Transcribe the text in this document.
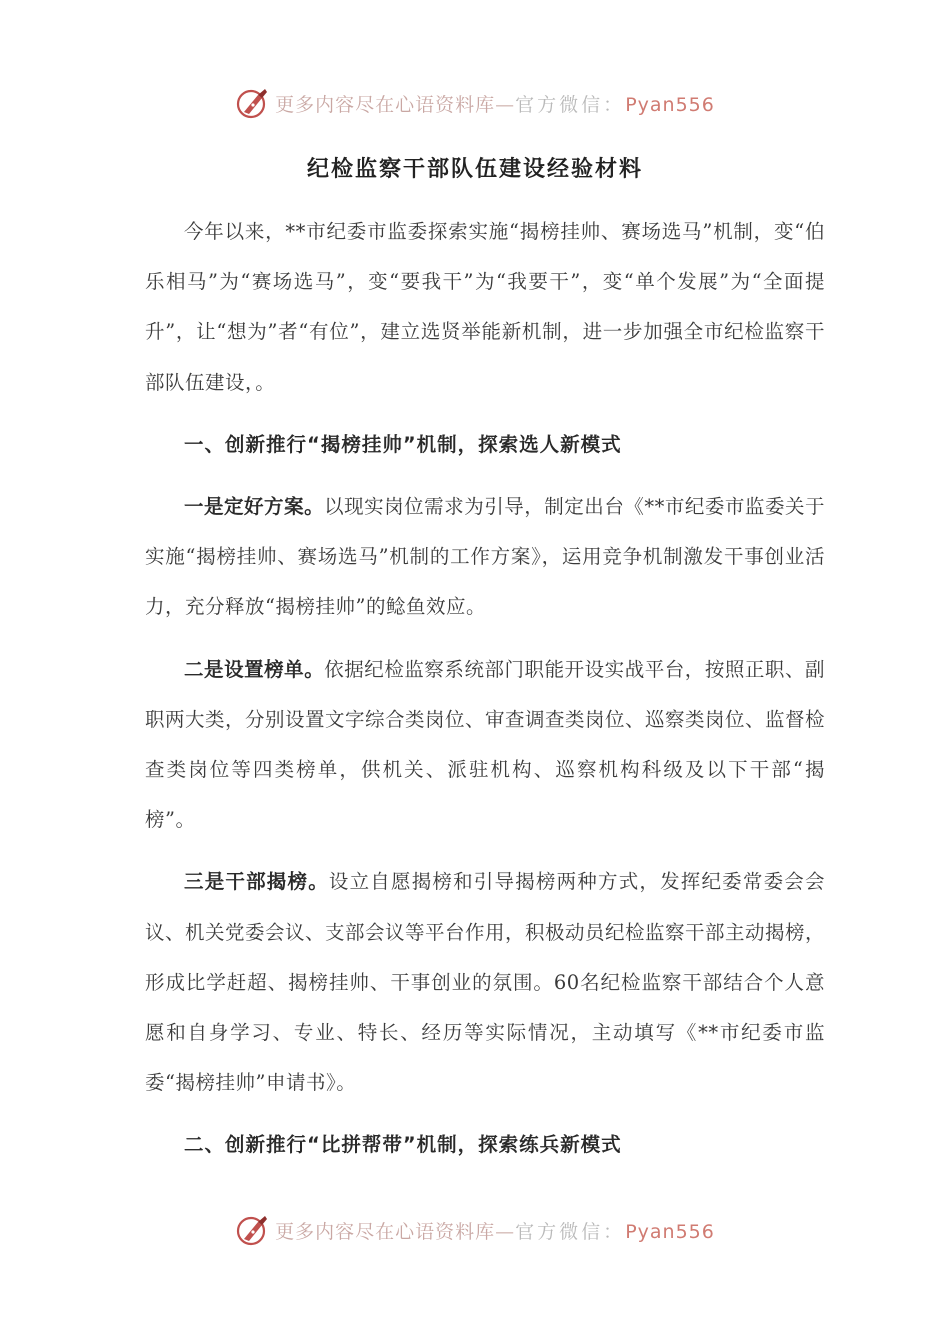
更多内容尽在心语资料库—官方微信：Pyan556
纪检监察干部队伍建设经验材料

今年以来，**市纪委市监委探索实施“揭榜挂帅、赛场选马”机制，变“伯乐相马”为“赛场选马”，变“要我干”为“我要干”，变“单个发展”为“全面提升”，让“想为”者“有位”，建立选贤举能新机制，进一步加强全市纪检监察干部队伍建设，。

一、创新推行“揭榜挂帅”机制，探索选人新模式

一是定好方案。以现实岗位需求为引导，制定出台《**市纪委市监委关于实施“揭榜挂帅、赛场选马”机制的工作方案》，运用竞争机制激发干事创业活力，充分释放“揭榜挂帅”的鲶鱼效应。

二是设置榜单。依据纪检监察系统部门职能开设实战平台，按照正职、副职两大类，分别设置文字综合类岗位、审查调查类岗位、巡察类岗位、监督检查类岗位等四类榜单，供机关、派驻机构、巡察机构科级及以下干部“揭榜”。

三是干部揭榜。设立自愿揭榜和引导揭榜两种方式，发挥纪委常委会会议、机关党委会议、支部会议等平台作用，积极动员纪检监察干部主动揭榜，形成比学赶超、揭榜挂帅、干事创业的氛围。60名纪检监察干部结合个人意愿和自身学习、专业、特长、经历等实际情况，主动填写《**市纪委市监委“揭榜挂帅”申请书》。

二、创新推行“比拼帮带”机制，探索练兵新模式

更多内容尽在心语资料库—官方微信：Pyan556
